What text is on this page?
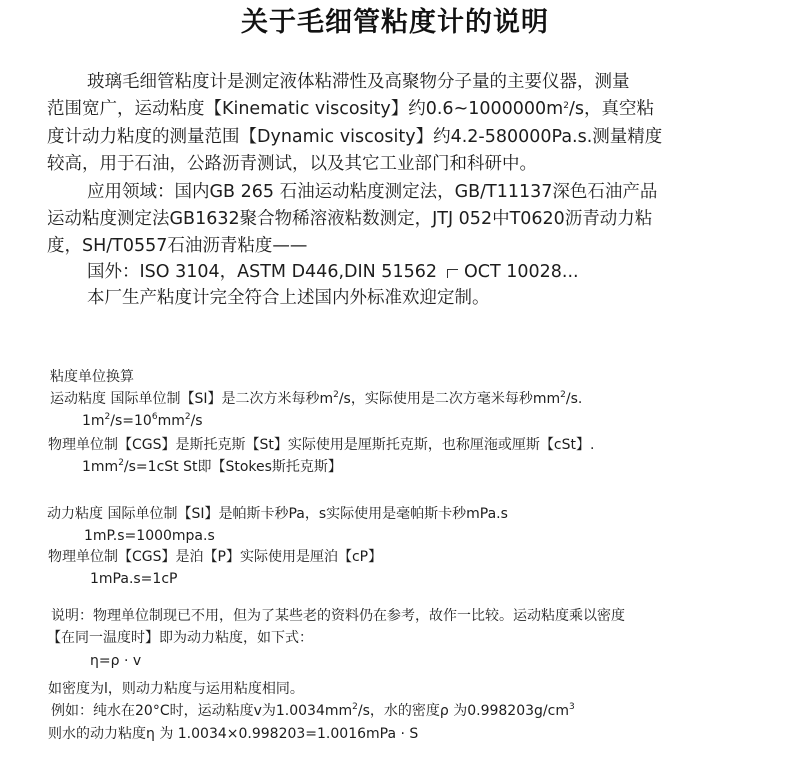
关于毛细管粘度计的说明
玻璃毛细管粘度计是测定液体粘滞性及高聚物分子量的主要仪器，测量
范围宽广，运动粘度【Kinematic viscosity】约$0.6\sim 1000000m^2/s$，真空粘
度计动力粘度的测量范围【Dynamic viscosity】约4.2-580000Pa.s.测量精度
较高，用于石油，公路沥青测试，以及其它工业部门和科研中。
应用领域：国内GB 265 石油运动粘度测定法，GB/T11137深色石油产品
运动粘度测定法GB1632聚合物稀溶液粘数测定，JTJ 052中T0620沥青动力粘
度，SH/T0557石油沥青粘度——
国外：ISO 3104，ASTM D446,DIN 51562 OCT 10028...
本厂生产粘度计完全符合上述国内外标准欢迎定制。
粘度单位换算
运动粘度 国际单位制【SI】是二次方米每秒$m^2/s$，实际使用是二次方毫米每秒$mm^2/s$.
$1m^2/s=10^6mm^2/s$
物理单位制【CGS】是斯托克斯【St】实际使用是厘斯托克斯，也称厘沲或厘斯【cSt】.
$1mm^2/s=1cSt$ St即【Stokes斯托克斯】
动力粘度 国际单位制【SI】是帕斯卡秒Pa，s实际使用是毫帕斯卡秒mPa.s
1mP.s=1000mpa.s
物理单位制【CGS】是泊【P】实际使用是厘泊【cP】
1mPa.s=1cP
说明：物理单位制现已不用，但为了某些老的资料仍在参考，故作一比较。运动粘度乘以密度
【在同一温度时】即为动力粘度，如下式：
η=ρ · v
如密度为l，则动力粘度与运用粘度相同。
例如：纯水在20°C时，运动粘度v为$1.0034mm^2/s$，水的密度ρ 为$0.998203g/cm^3$
则水的动力粘度η 为 1.0034×0.998203=1.0016mPa · S
